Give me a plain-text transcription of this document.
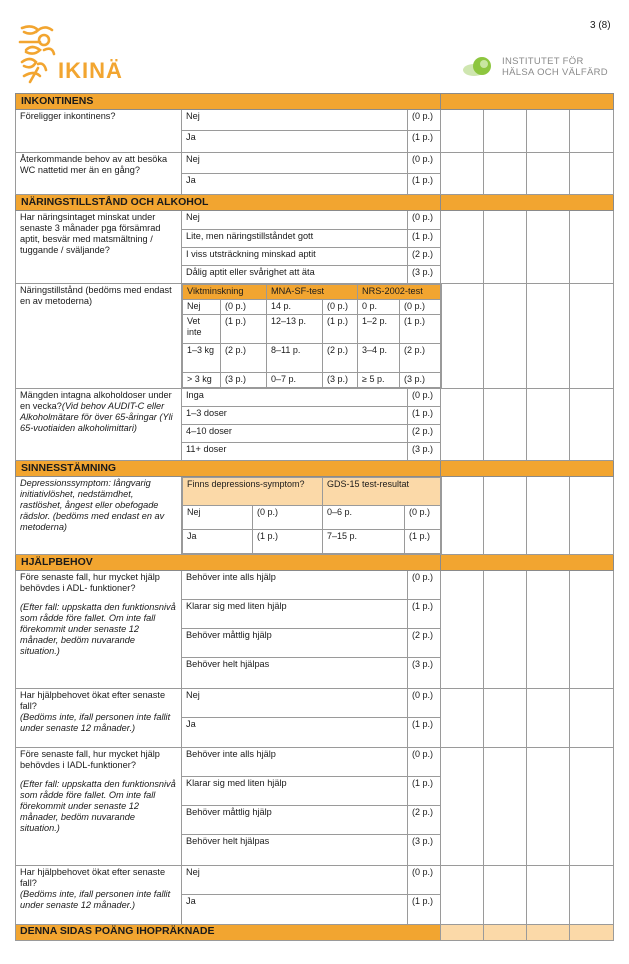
3 (8)
IKINÄ	INSTITUTET FÖR
HÄLSA OCH VÄLFÄRD
INKONTINENS	
Föreligger inkontinens?	Nej	(0 p.)				
Ja	(1 p.)
Återkommande behov av att besöka WC nattetid mer än en gång?	Nej	(0 p.)				
Ja	(1 p.)
NÄRINGSTILLSTÅND OCH ALKOHOL	
Har näringsintaget minskat under senaste 3 månader pga försämrad aptit, besvär med matsmältning / tuggande / sväljande?	Nej	(0 p.)				
Lite, men näringstillståndet gott	(1 p.)
I viss utsträckning minskad aptit	(2 p.)
Dålig aptit eller svårighet att äta	(3 p.)
Näringstillstånd (bedöms med endast en av metoderna)	
Viktminskning	MNA-SF-test	NRS-2002-test
Nej	(0 p.)	14 p.	(0 p.)	0 p.	(0 p.)
Vet inte	(1 p.)	12–13 p.	(1 p.)	1–2 p.	(1 p.)
1–3 kg	(2 p.)	8–11 p.	(2 p.)	3–4 p.	(2 p.)
> 3 kg	(3 p.)	0–7 p.	(3 p.)	≥ 5 p.	(3 p.)

Mängden intagna alkoholdoser under en vecka?(Vid behov AUDIT-C eller Alkoholmätare för över 65-åringar (Yli 65-vuotiaiden alkoholimittari)	Inga	(0 p.)				
1–3 doser	(1 p.)
4–10 doser	(2 p.)
11+ doser	(3 p.)
SINNESSTÄMNING	
Depressionssymptom: långvarig initiativlöshet, nedstämdhet, rastlöshet, ångest eller obefogade rädslor. (bedöms med endast en av metoderna)	
Finns depressions-symptom?	GDS-15 test-resultat
Nej	(0 p.)	0–6 p.	(0 p.)
Ja	(1 p.)	7–15 p.	(1 p.)

HJÄLPBEHOV	

Före senaste fall, hur mycket hjälp behövdes i ADL- funktioner?
(Efter fall: uppskatta den funktionsnivå som rådde före fallet. Om inte fall förekommit under senaste 12 månader, bedöm nuvarande situation.)
	Behöver inte alls hjälp	(0 p.)				
Klarar sig med liten hjälp	(1 p.)
Behöver måttlig hjälp	(2 p.)
Behöver helt hjälpas	(3 p.)

Har hjälpbehovet ökat efter senaste fall?
(Bedöms inte, ifall personen inte fallit under senaste 12 månader.)
	Nej	(0 p.)				
Ja	(1 p.)

Före senaste fall, hur mycket hjälp behövdes i IADL-funktioner?
(Efter fall: uppskatta den funktionsnivå som rådde före fallet. Om inte fall förekommit under senaste 12 månader, bedöm nuvarande situation.)
	Behöver inte alls hjälp	(0 p.)				
Klarar sig med liten hjälp	(1 p.)
Behöver måttlig hjälp	(2 p.)
Behöver helt hjälpas	(3 p.)

Har hjälpbehovet ökat efter senaste fall?
(Bedöms inte, ifall personen inte fallit under senaste 12 månader.)
	Nej	(0 p.)				
Ja	(1 p.)
DENNA SIDAS POÄNG IHOPRÄKNADE				
